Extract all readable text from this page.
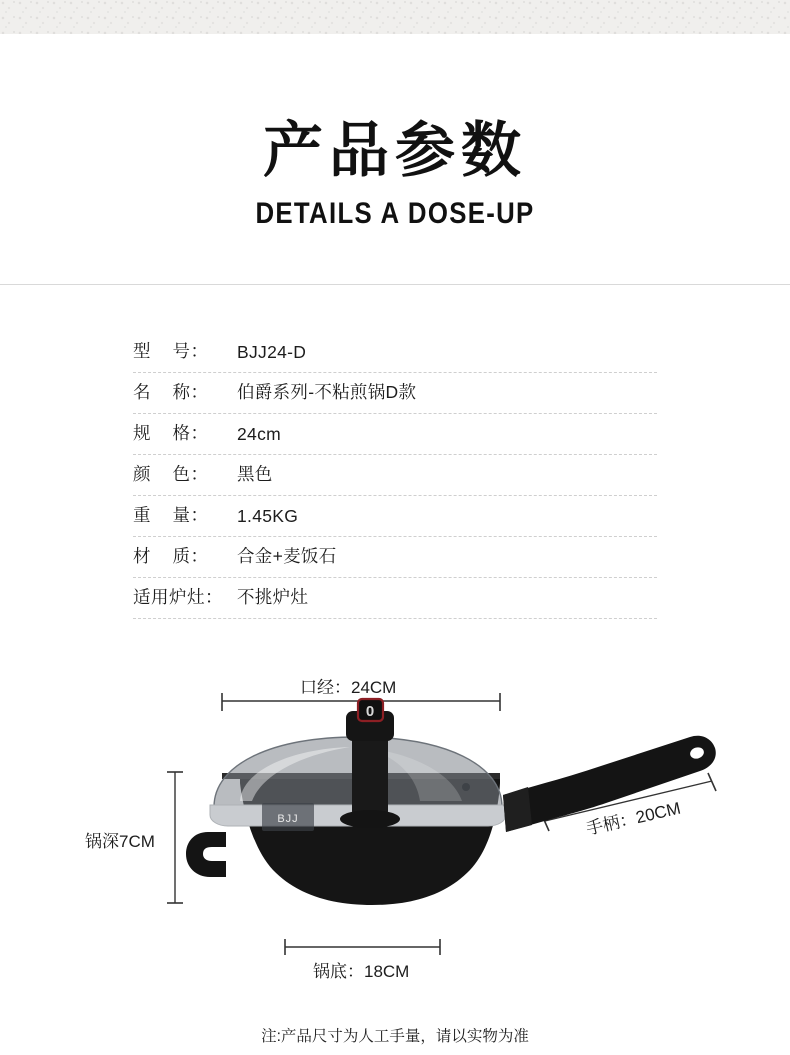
产品参数
DETAILS A DOSE-UP
型    号：	BJJ24-D
名    称：	伯爵系列-不粘煎锅D款
规    格：	24cm
颜    色：	黑色
重    量：	1.45KG
材    质：	合金+麦饭石
适用炉灶： 不挑炉灶
BJJ
0
口经：24CM
锅深7CM
手柄：20CM
锅底：18CM
注:产品尺寸为人工手量，请以实物为准
